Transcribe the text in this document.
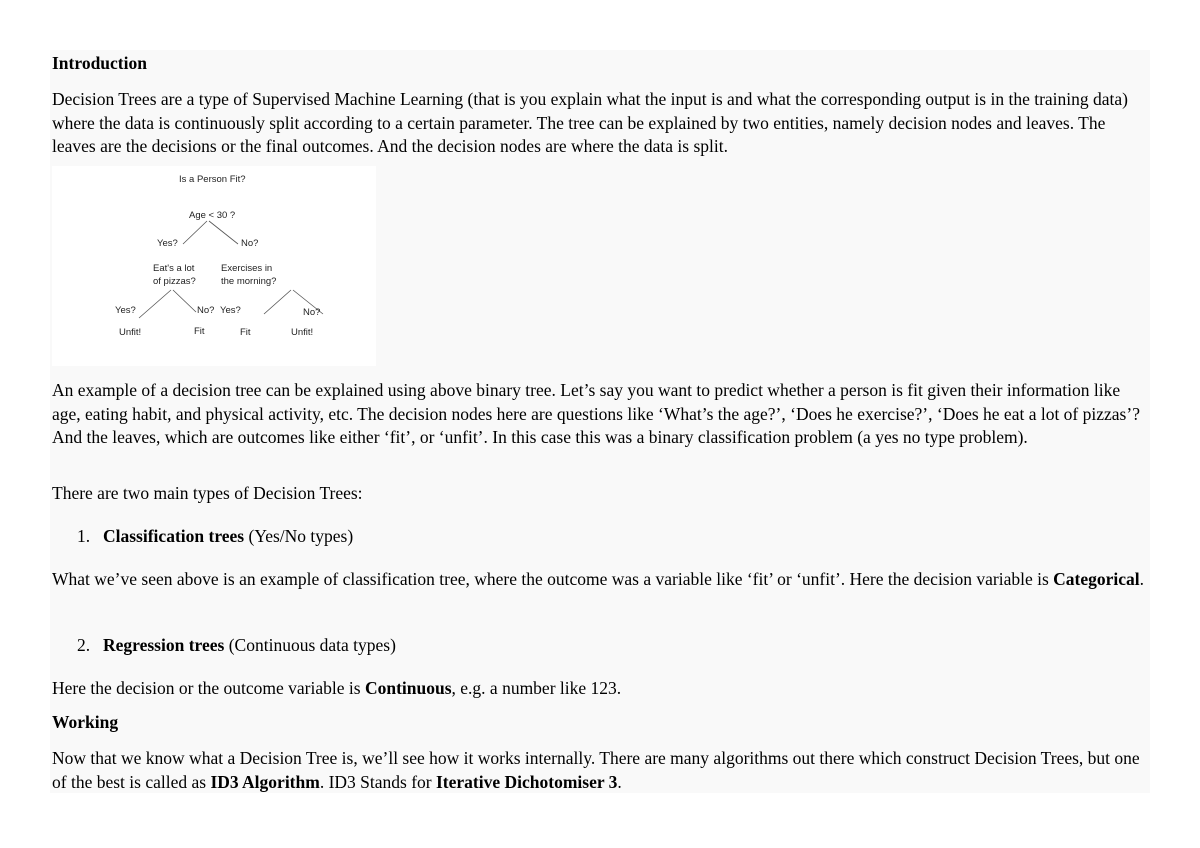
Introduction

Decision Trees are a type of Supervised Machine Learning (that is you explain what the input is and what the corresponding output is in the training data) where the data is continuously split according to a certain parameter. The tree can be explained by two entities, namely decision nodes and leaves. The leaves are the decisions or the final outcomes. And the decision nodes are where the data is split.

Is a Person Fit?
Age < 30 ?
Yes?	No?
Eat's a lot
of pizzas?
Exercises in
the morning?
Yes?	No? Yes?	No?
Unfit!	Fit	Fit	Unfit!

An example of a decision tree can be explained using above binary tree. Let’s say you want to predict whether a person is fit given their information like age, eating habit, and physical activity, etc. The decision nodes here are questions like ‘What’s the age?’, ‘Does he exercise?’, ‘Does he eat a lot of pizzas’? And the leaves, which are outcomes like either ‘fit’, or ‘unfit’. In this case this was a binary classification problem (a yes no type problem).

There are two main types of Decision Trees:

1. Classification trees (Yes/No types)

What we’ve seen above is an example of classification tree, where the outcome was a variable like ‘fit’ or ‘unfit’. Here the decision variable is Categorical.

2. Regression trees (Continuous data types)

Here the decision or the outcome variable is Continuous, e.g. a number like 123.

Working

Now that we know what a Decision Tree is, we’ll see how it works internally. There are many algorithms out there which construct Decision Trees, but one of the best is called as ID3 Algorithm. ID3 Stands for Iterative Dichotomiser 3.
